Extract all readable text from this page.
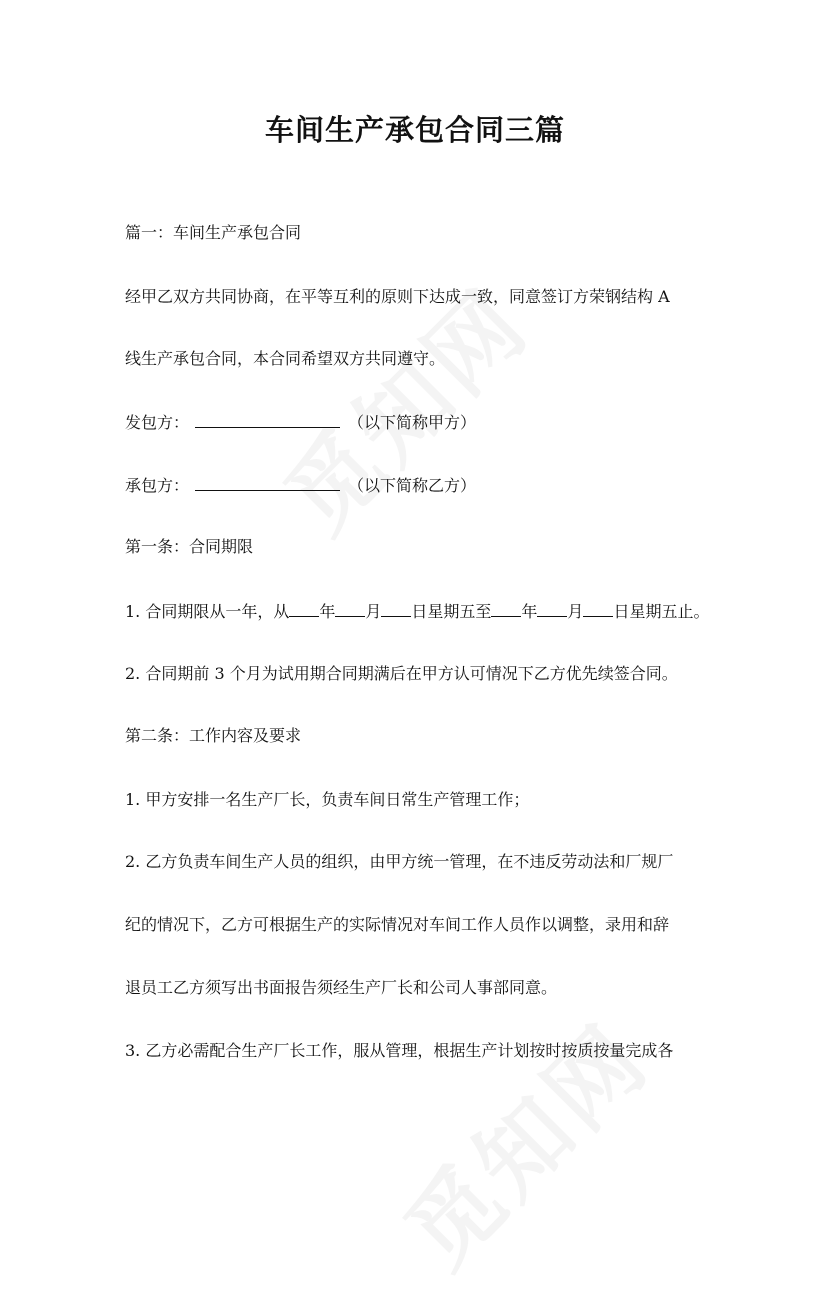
车间生产承包合同三篇

篇一：车间生产承包合同

经甲乙双方共同协商，在平等互利的原则下达成一致，同意签订方荣钢结构 A

线生产承包合同，本合同希望双方共同遵守。

发包方：	（以下简称甲方）

承包方：	（以下简称乙方）

第一条：合同期限

1. 合同期限从一年，从 年 月 日星期五至 年 月 日星期五止。

2. 合同期前 3 个月为试用期合同期满后在甲方认可情况下乙方优先续签合同。

第二条：工作内容及要求

1. 甲方安排一名生产厂长，负责车间日常生产管理工作；

2. 乙方负责车间生产人员的组织，由甲方统一管理，在不违反劳动法和厂规厂

纪的情况下，乙方可根据生产的实际情况对车间工作人员作以调整，录用和辞

退员工乙方须写出书面报告须经生产厂长和公司人事部同意。

3. 乙方必需配合生产厂长工作，服从管理，根据生产计划按时按质按量完成各
